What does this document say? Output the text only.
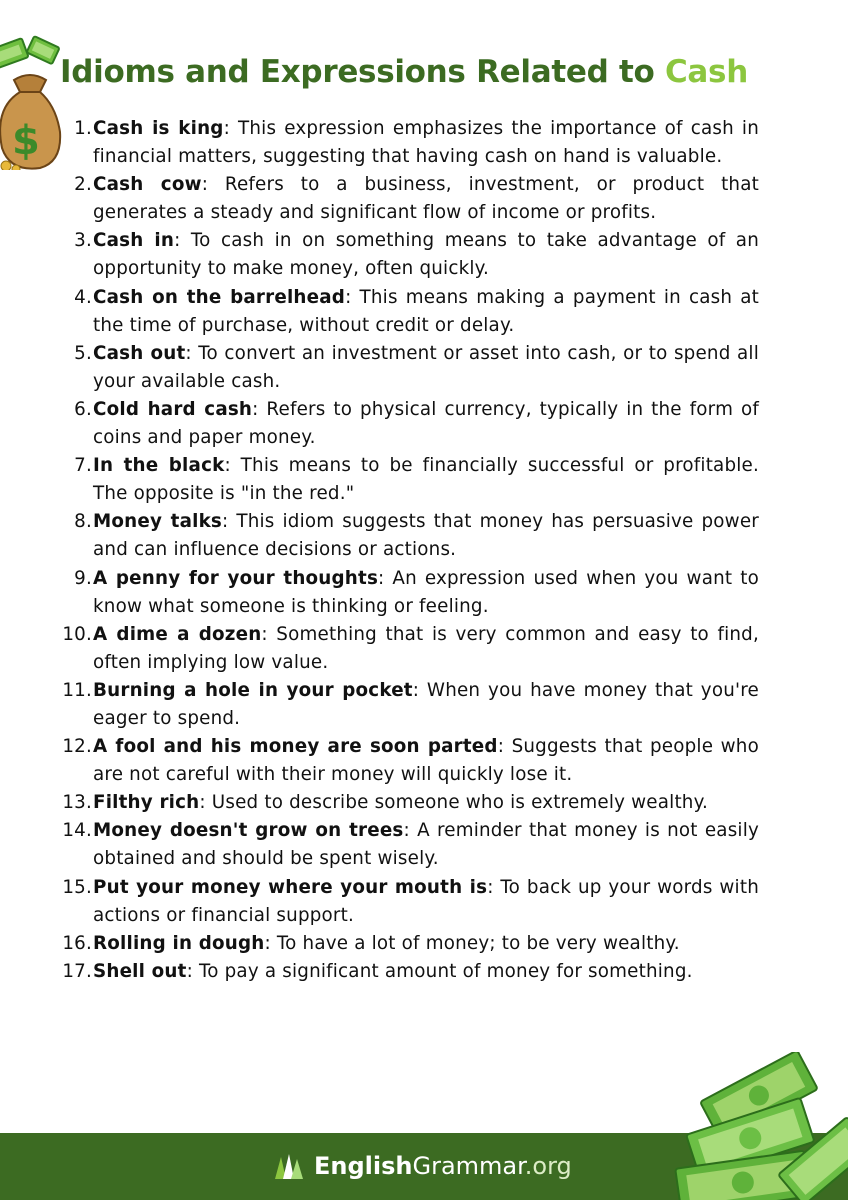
$
Idioms and Expressions Related to Cash
1. Cash is king: This expression emphasizes the importance of cash in financial matters, suggesting that having cash on hand is valuable.
2. Cash cow: Refers to a business, investment, or product that generates a steady and significant flow of income or profits.
3. Cash in: To cash in on something means to take advantage of an opportunity to make money, often quickly.
4. Cash on the barrelhead: This means making a payment in cash at the time of purchase, without credit or delay.
5. Cash out: To convert an investment or asset into cash, or to spend all your available cash.
6. Cold hard cash: Refers to physical currency, typically in the form of coins and paper money.
7. In the black: This means to be financially successful or profitable. The opposite is "in the red."
8. Money talks: This idiom suggests that money has persuasive power and can influence decisions or actions.
9. A penny for your thoughts: An expression used when you want to know what someone is thinking or feeling.
10. A dime a dozen: Something that is very common and easy to find, often implying low value.
11. Burning a hole in your pocket: When you have money that you're eager to spend.
12. A fool and his money are soon parted: Suggests that people who are not careful with their money will quickly lose it.
13. Filthy rich: Used to describe someone who is extremely wealthy.
14. Money doesn't grow on trees: A reminder that money is not easily obtained and should be spent wisely.
15. Put your money where your mouth is: To back up your words with actions or financial support.
16. Rolling in dough: To have a lot of money; to be very wealthy.
17. Shell out: To pay a significant amount of money for something.
EnglishGrammar.org
